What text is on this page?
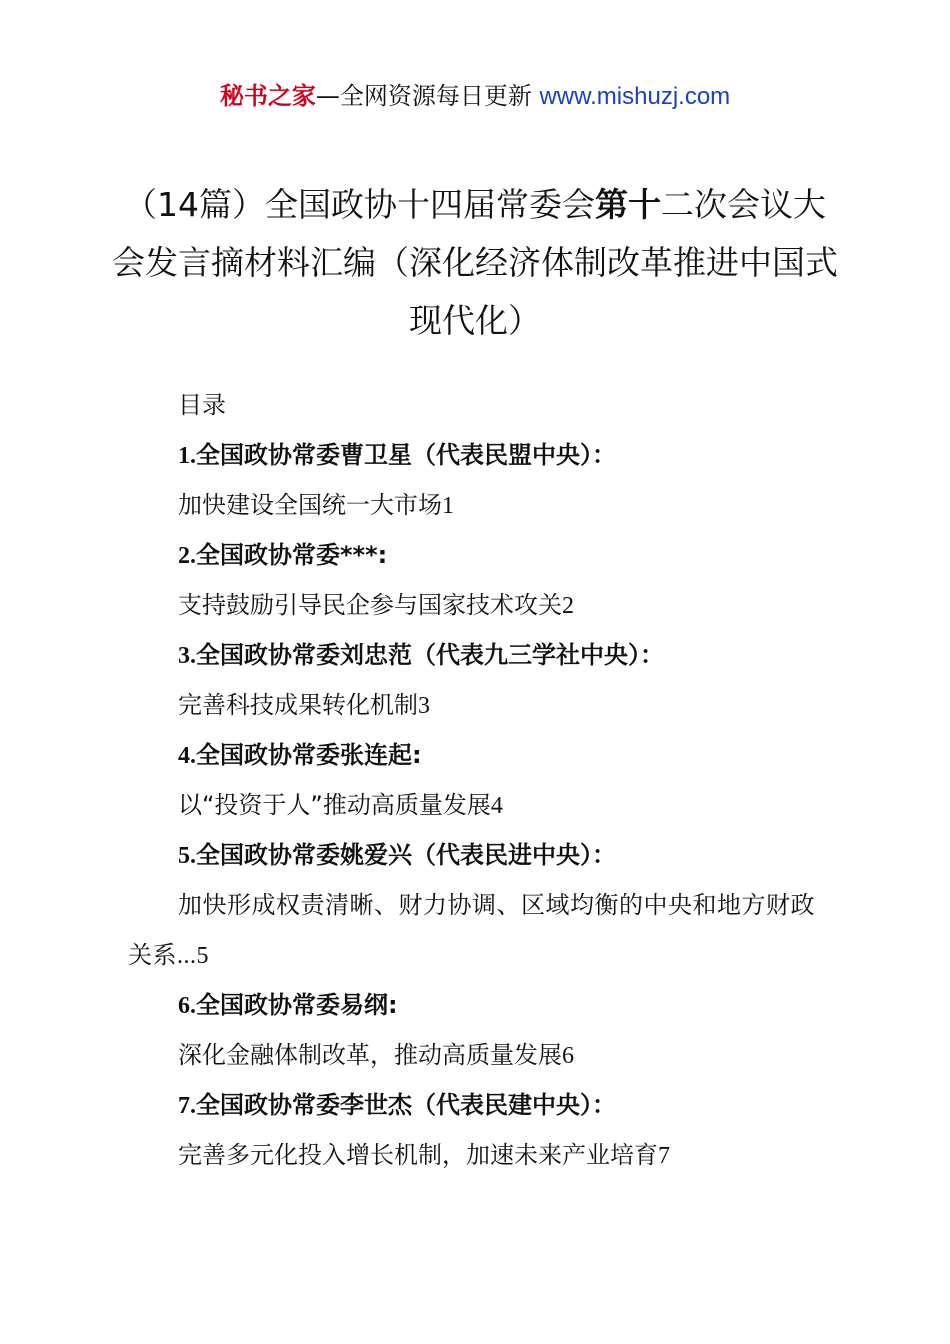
秘书之家—全网资源每日更新 www.mishuzj.com
（14篇）全国政协十四届常委会第十二次会议大会发言摘材料汇编（深化经济体制改革推进中国式现代化）
目录
1.全国政协常委曹卫星（代表民盟中央）：
加快建设全国统一大市场1
2.全国政协常委***:
支持鼓励引导民企参与国家技术攻关2
3.全国政协常委刘忠范（代表九三学社中央）：
完善科技成果转化机制3
4.全国政协常委张连起:
以“投资于人”推动高质量发展4
5.全国政协常委姚爱兴（代表民进中央）：
加快形成权责清晰、财力协调、区域均衡的中央和地方财政关系...5
6.全国政协常委易纲:
深化金融体制改革，推动高质量发展6
7.全国政协常委李世杰（代表民建中央）：
完善多元化投入增长机制，加速未来产业培育7
